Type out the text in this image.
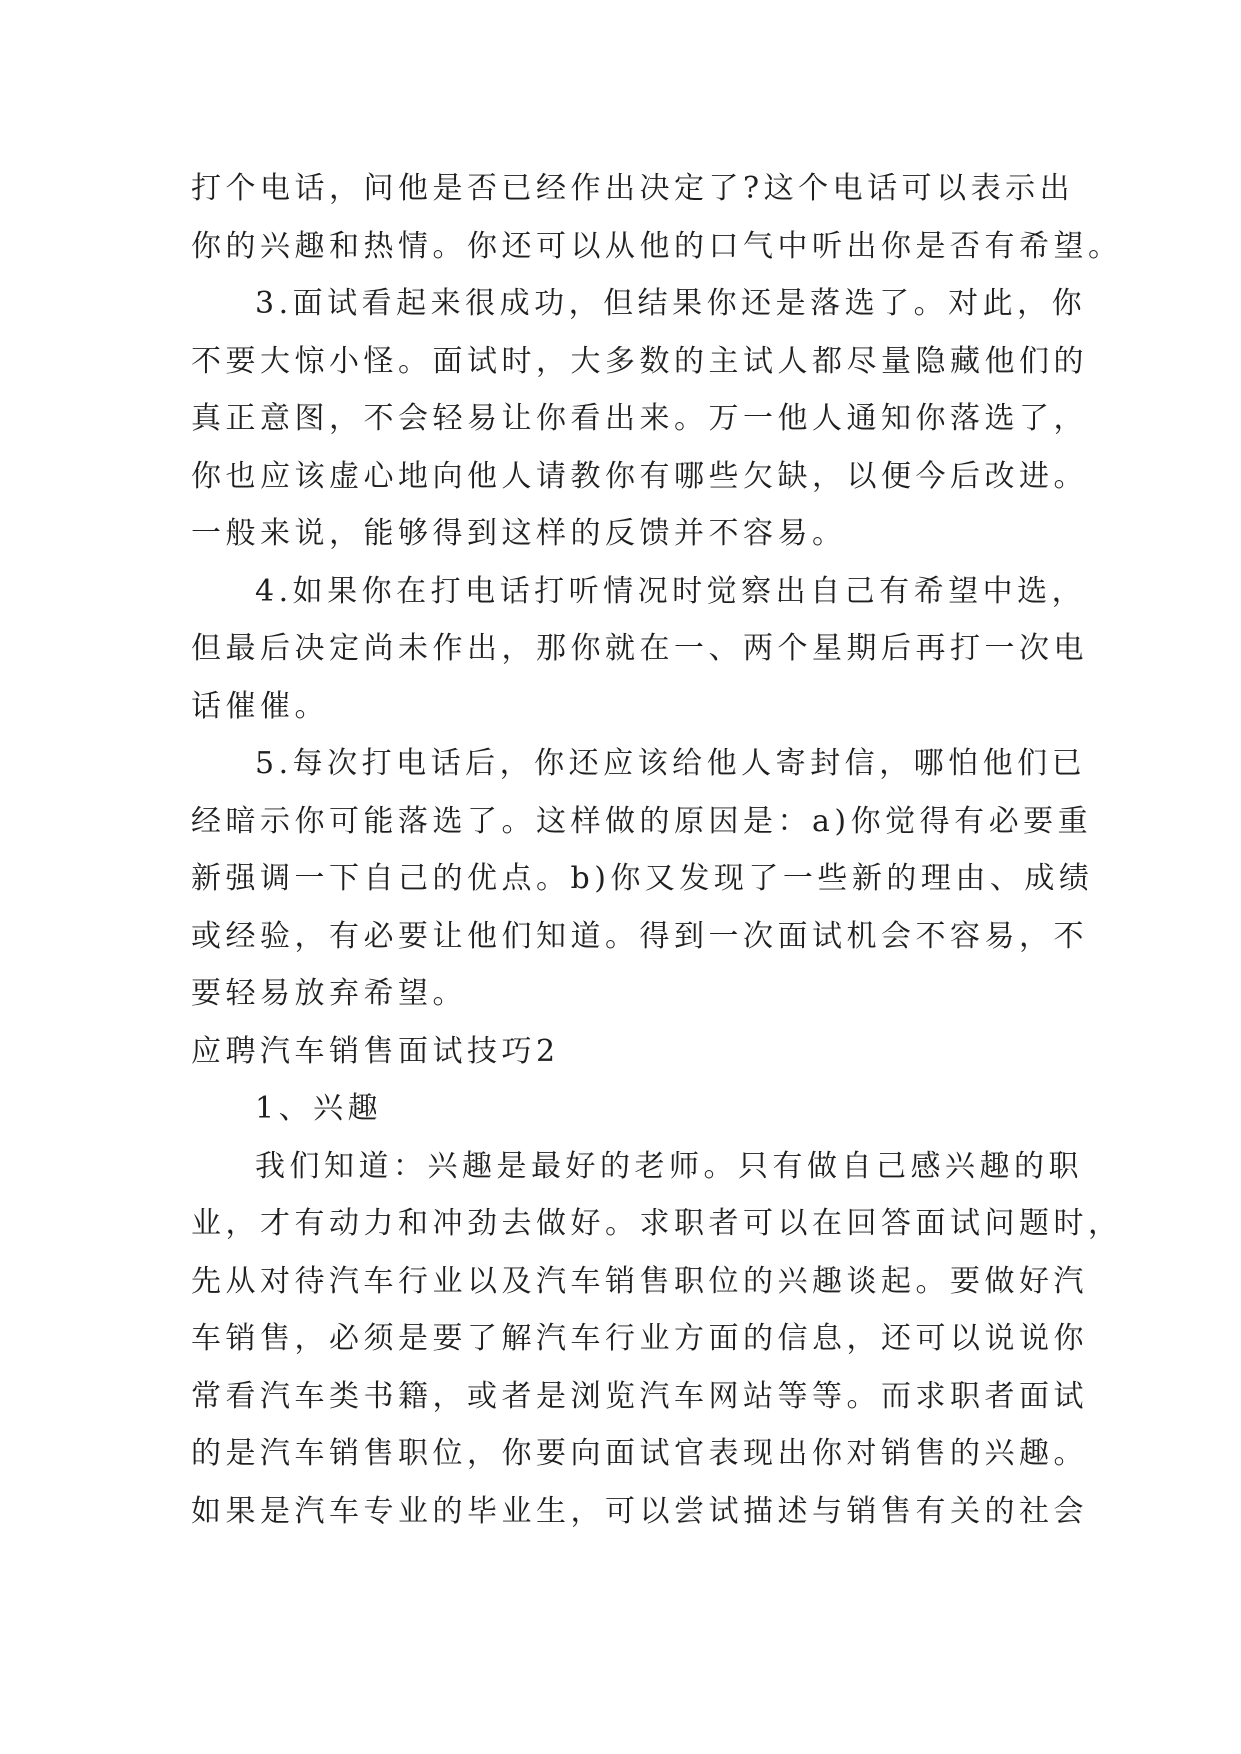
打个电话，问他是否已经作出决定了?这个电话可以表示出
你的兴趣和热情。你还可以从他的口气中听出你是否有希望。
3.面试看起来很成功，但结果你还是落选了。对此，你
不要大惊小怪。面试时，大多数的主试人都尽量隐藏他们的
真正意图，不会轻易让你看出来。万一他人通知你落选了，
你也应该虚心地向他人请教你有哪些欠缺，以便今后改进。
一般来说，能够得到这样的反馈并不容易。
4.如果你在打电话打听情况时觉察出自己有希望中选，
但最后决定尚未作出，那你就在一、两个星期后再打一次电
话催催。
5.每次打电话后，你还应该给他人寄封信，哪怕他们已
经暗示你可能落选了。这样做的原因是：a)你觉得有必要重
新强调一下自己的优点。b)你又发现了一些新的理由、成绩
或经验，有必要让他们知道。得到一次面试机会不容易，不
要轻易放弃希望。
应聘汽车销售面试技巧2
1、兴趣
我们知道：兴趣是最好的老师。只有做自己感兴趣的职
业，才有动力和冲劲去做好。求职者可以在回答面试问题时，
先从对待汽车行业以及汽车销售职位的兴趣谈起。要做好汽
车销售，必须是要了解汽车行业方面的信息，还可以说说你
常看汽车类书籍，或者是浏览汽车网站等等。而求职者面试
的是汽车销售职位，你要向面试官表现出你对销售的兴趣。
如果是汽车专业的毕业生，可以尝试描述与销售有关的社会
